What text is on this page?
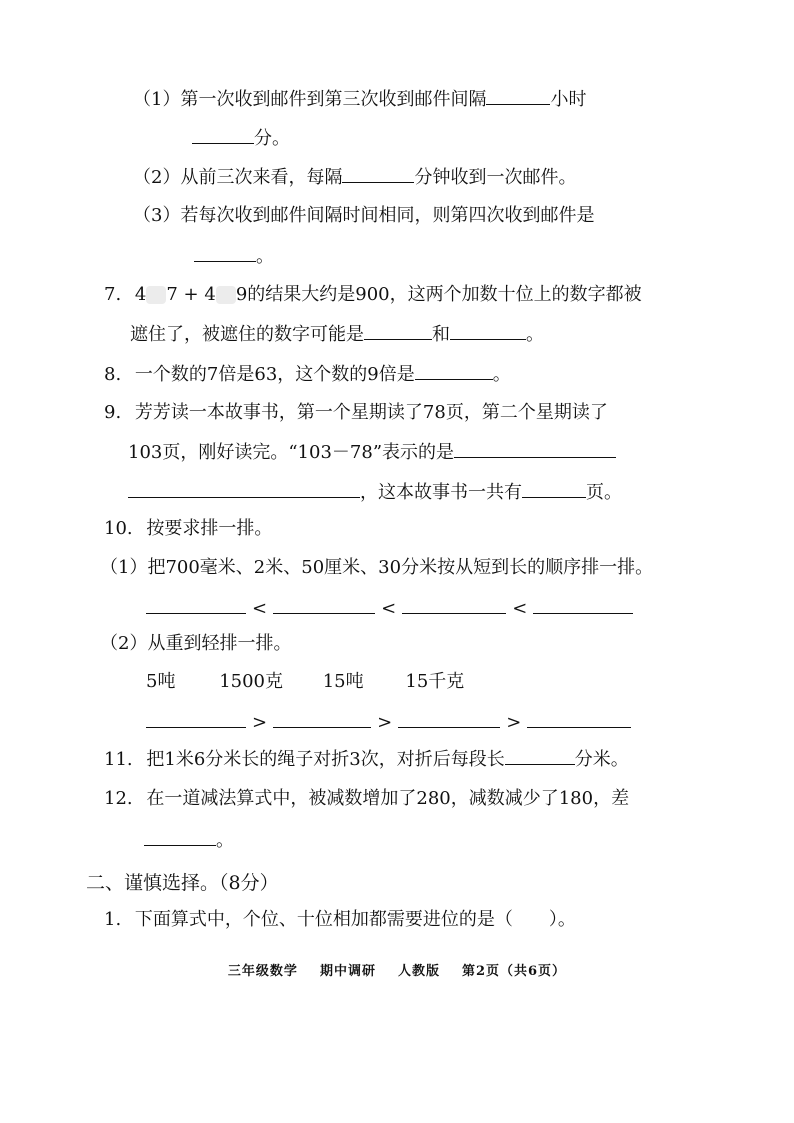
（1）第一次收到邮件到第三次收到邮件间隔	小时
分。
（2）从前三次来看，每隔	分钟收到一次邮件。
（3）若每次收到邮件间隔时间相同，则第四次收到邮件是
。
7. 4 7 + 4 9的结果大约是900，这两个加数十位上的数字都被
遮住了，被遮住的数字可能是	和	。
8. 一个数的7倍是63，这个数的9倍是	。
9. 芳芳读一本故事书，第一个星期读了78页，第二个星期读了
103页，刚好读完。“103－78”表示的是
，这本故事书一共有	页。
10. 按要求排一排。
（1）把700毫米、2米、50厘米、30分米按从短到长的顺序排一排。
<	<	<
（2）从重到轻排一排。
5吨 1500克 15吨 15千克
>	>	>
11. 把1米6分米长的绳子对折3次，对折后每段长	分米。
12. 在一道减法算式中，被减数增加了280，减数减少了180，差
。
二、谨慎选择。（8分）
1. 下面算式中，个位、十位相加都需要进位的是（　　）。
三年级数学 期中调研 人教版 第2页（共6页）
